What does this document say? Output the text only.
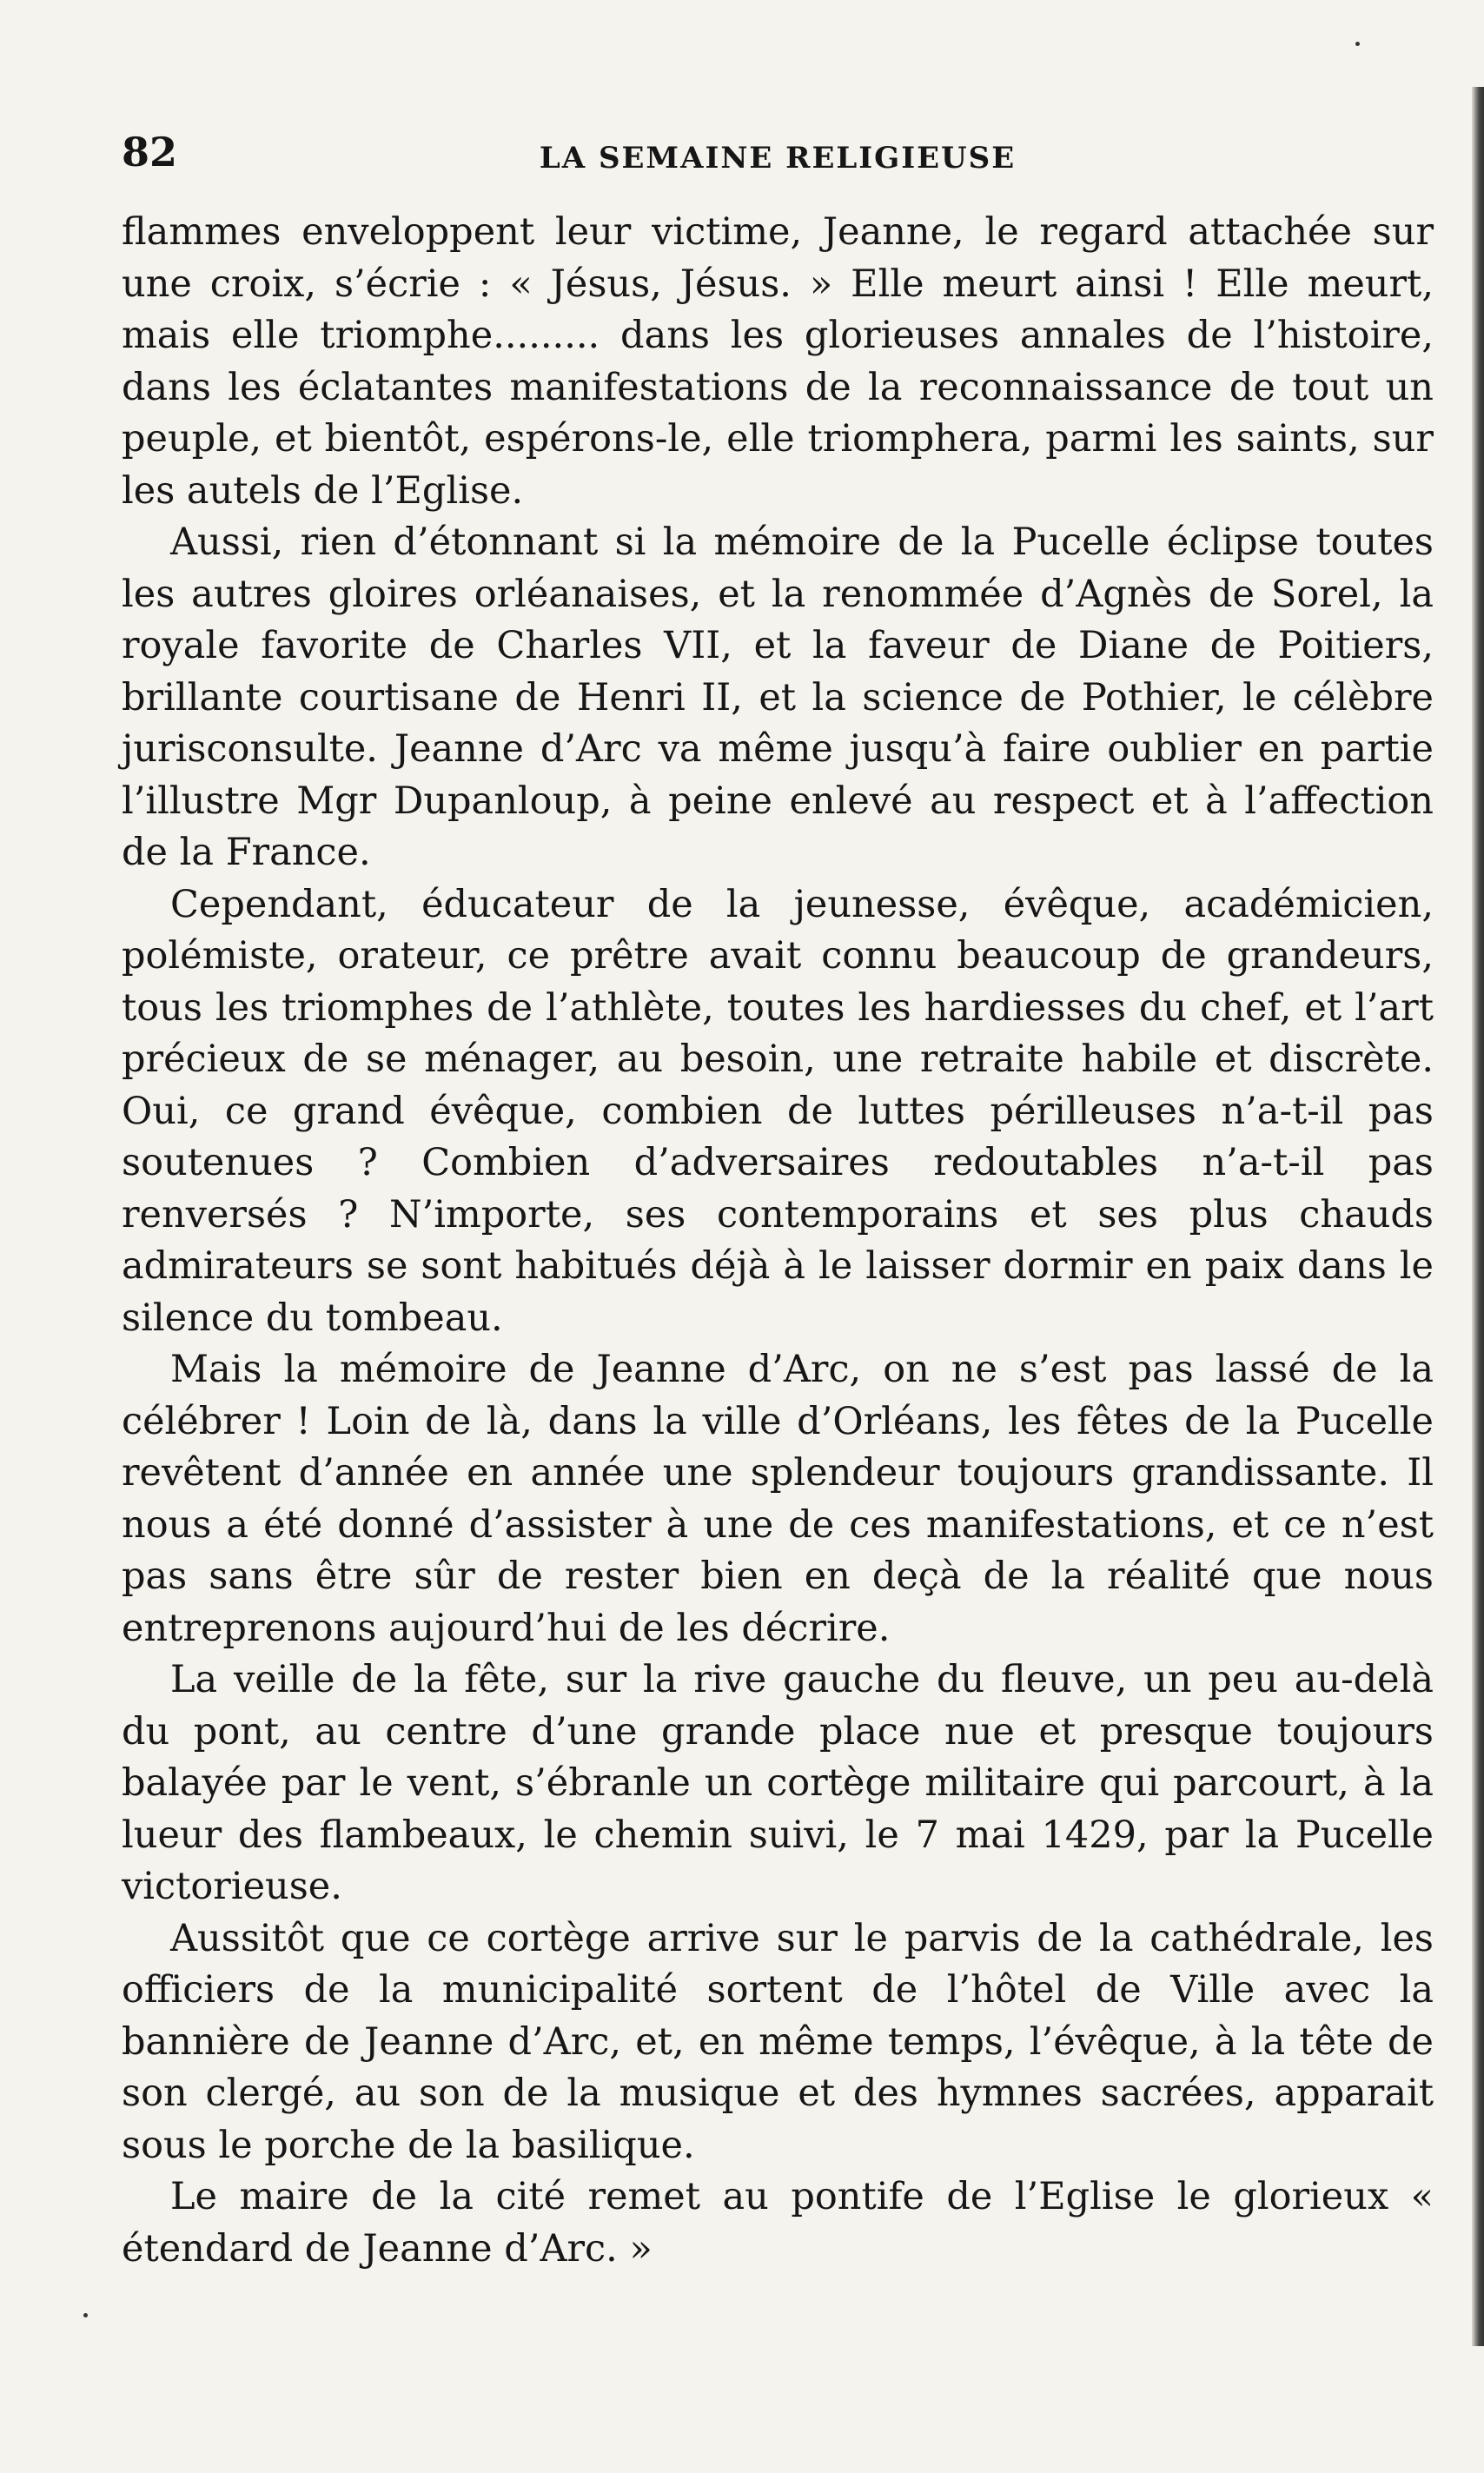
82	LA SEMAINE RELIGIEUSE

flammes enveloppent leur victime, Jeanne, le regard attachée sur une croix, s’écrie : « Jésus, Jésus. » Elle meurt ainsi ! Elle meurt, mais elle triomphe......... dans les glorieuses annales de l’histoire, dans les éclatantes manifestations de la reconnaissance de tout un peuple, et bientôt, espérons-le, elle triomphera, parmi les saints, sur les autels de l’Eglise.

Aussi, rien d’étonnant si la mémoire de la Pucelle éclipse toutes les autres gloires orléanaises, et la renommée d’Agnès de Sorel, la royale favorite de Charles VII, et la faveur de Diane de Poitiers, brillante courtisane de Henri II, et la science de Pothier, le célèbre jurisconsulte. Jeanne d’Arc va même jusqu’à faire oublier en partie l’illustre Mgr Dupanloup, à peine enlevé au respect et à l’affection de la France.

Cependant, éducateur de la jeunesse, évêque, académicien, polémiste, orateur, ce prêtre avait connu beaucoup de grandeurs, tous les triomphes de l’athlète, toutes les hardiesses du chef, et l’art précieux de se ménager, au besoin, une retraite habile et discrète. Oui, ce grand évêque, combien de luttes périlleuses n’a-t-il pas soutenues ? Combien d’adversaires redoutables n’a-t-il pas renversés ? N’importe, ses contemporains et ses plus chauds admirateurs se sont habitués déjà à le laisser dormir en paix dans le silence du tombeau.

Mais la mémoire de Jeanne d’Arc, on ne s’est pas lassé de la célébrer ! Loin de là, dans la ville d’Orléans, les fêtes de la Pucelle revêtent d’année en année une splendeur toujours grandissante. Il nous a été donné d’assister à une de ces manifestations, et ce n’est pas sans être sûr de rester bien en deçà de la réalité que nous entreprenons aujourd’hui de les décrire.

La veille de la fête, sur la rive gauche du fleuve, un peu au-delà du pont, au centre d’une grande place nue et presque toujours balayée par le vent, s’ébranle un cortège militaire qui parcourt, à la lueur des flambeaux, le chemin suivi, le 7 mai 1429, par la Pucelle victorieuse.

Aussitôt que ce cortège arrive sur le parvis de la cathédrale, les officiers de la municipalité sortent de l’hôtel de Ville avec la bannière de Jeanne d’Arc, et, en même temps, l’évêque, à la tête de son clergé, au son de la musique et des hymnes sacrées, apparait sous le porche de la basilique.

Le maire de la cité remet au pontife de l’Eglise le glorieux « étendard de Jeanne d’Arc. »
